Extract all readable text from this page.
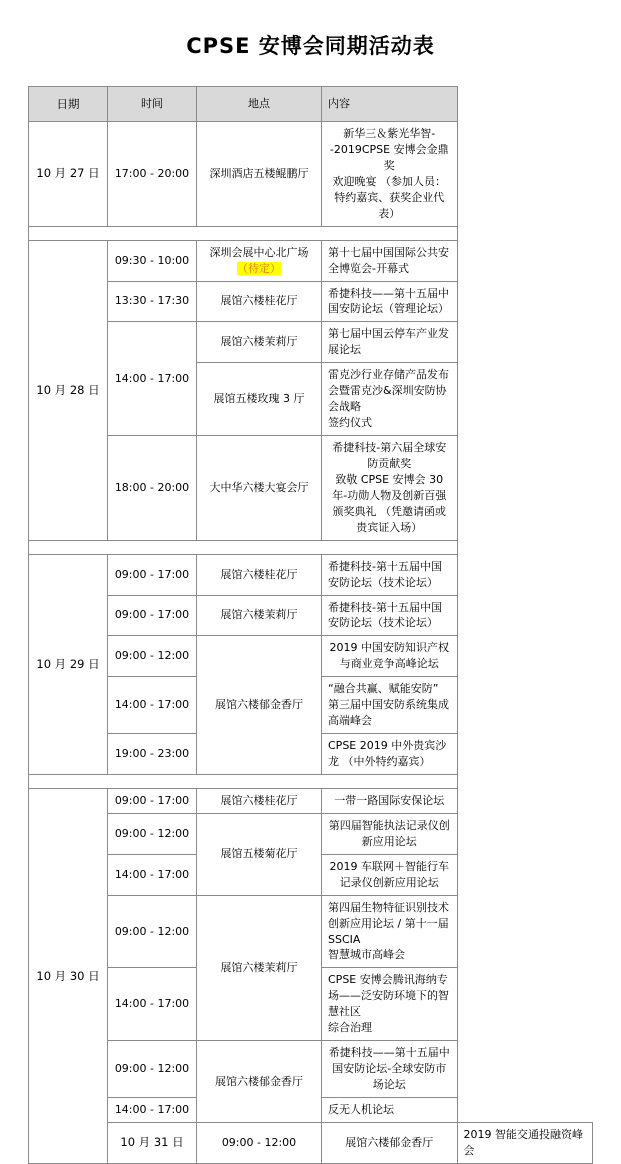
CPSE 安博会同期活动表
日期	时间	地点	内容	
10 月 27 日	17:00 - 20:00	深圳酒店五楼鲲鹏厅	新华三＆紫光华智--2019CPSE 安博会金鼎奖
欢迎晚宴 （参加人员：特约嘉宾、获奖企业代表）	

10 月 28 日	09:30 - 10:00	深圳会展中心北广场（待定）	第十七届中国国际公共安全博览会-开幕式	
	13:30 - 17:30	展馆六楼桂花厅	希捷科技——第十五届中国安防论坛（管理论坛）	
	14:00 - 17:00	展馆六楼茉莉厅	第七届中国云停车产业发展论坛	
		展馆五楼玫瑰 3 厅	雷克沙行业存储产品发布会暨雷克沙&深圳安防协会战略
签约仪式	

	18:00 - 20:00	大中华六楼大宴会厅	希捷科技-第六届全球安防贡献奖
致敬 CPSE 安博会 30 年-功勋人物及创新百强
颁奖典礼 （凭邀请函或贵宾证入场）	

10 月 29 日	09:00 - 17:00	展馆六楼桂花厅	希捷科技-第十五届中国安防论坛（技术论坛）	
	09:00 - 17:00	展馆六楼茉莉厅	希捷科技-第十五届中国安防论坛（技术论坛）	
	09:00 - 12:00	展馆六楼郁金香厅	2019 中国安防知识产权与商业竞争高峰论坛	
	14:00 - 17:00		“融合共赢、赋能安防” 第三届中国安防系统集成高端峰会	
	19:00 - 23:00		CPSE 2019 中外贵宾沙龙 （中外特约嘉宾）	

10 月 30 日	09:00 - 17:00	展馆六楼桂花厅	一带一路国际安保论坛	
	09:00 - 12:00	展馆五楼菊花厅	第四届智能执法记录仪创新应用论坛	
	14:00 - 17:00		2019 车联网＋智能行车记录仪创新应用论坛	
	09:00 - 12:00	展馆六楼茉莉厅	第四届生物特征识别技术创新应用论坛 / 第十一届 SSCIA
智慧城市高峰会	

	14:00 - 17:00		CPSE 安博会腾讯海纳专场——泛安防环境下的智慧社区
综合治理	

	09:00 - 12:00	展馆六楼郁金香厅	希捷科技——第十五届中国安防论坛-全球安防市场论坛	
	14:00 - 17:00		反无人机论坛	
	10 月 31 日	09:00 - 12:00	展馆六楼郁金香厅	2019 智能交通投融资峰会
